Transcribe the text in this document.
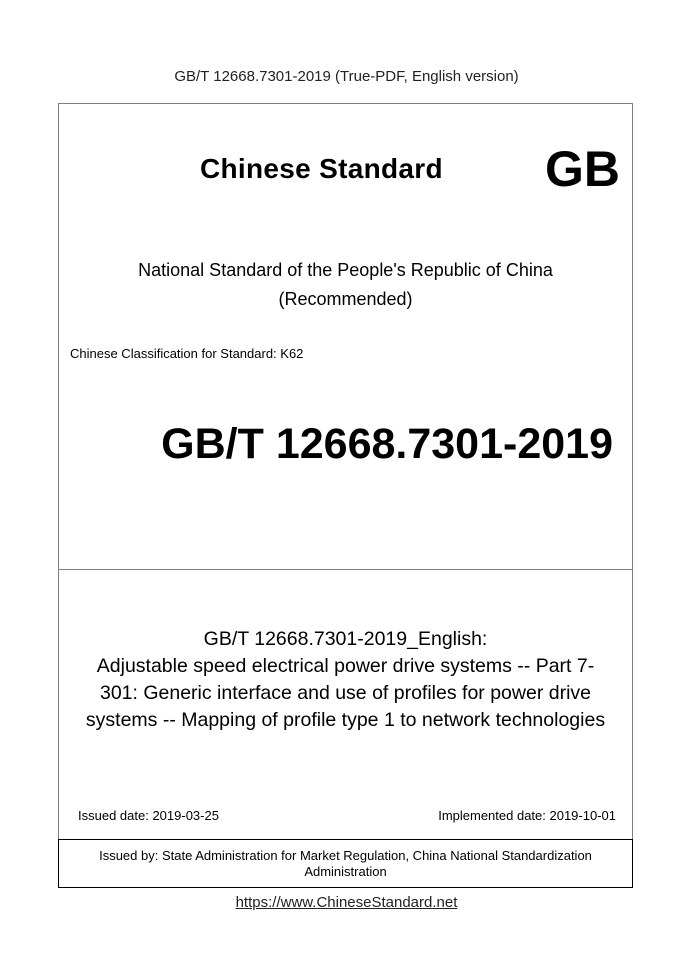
GB/T 12668.7301-2019 (True-PDF, English version)
Chinese Standard GB
National Standard of the People's Republic of China
(Recommended)
Chinese Classification for Standard: K62
GB/T 12668.7301-2019
GB/T 12668.7301-2019_English:
Adjustable speed electrical power drive systems -- Part 7-
301: Generic interface and use of profiles for power drive
systems -- Mapping of profile type 1 to network technologies
Issued date: 2019-03-25	Implemented date: 2019-10-01
Issued by: State Administration for Market Regulation, China National Standardization
Administration
https://www.ChineseStandard.net
